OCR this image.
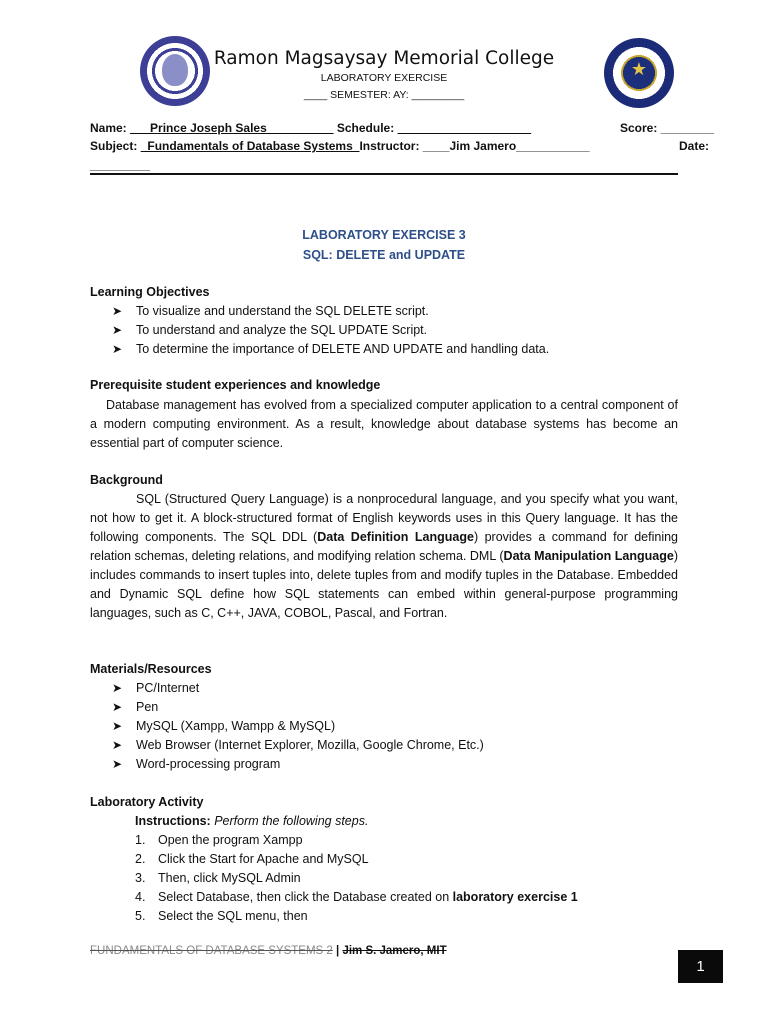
★
Ramon Magsaysay Memorial College
LABORATORY EXERCISE
____ SEMESTER: AY: _________
Name: ___Prince Joseph Sales__________ Schedule: ____________________	Score: ________
Subject: _Fundamentals of Database Systems_Instructor: ____Jim Jamero___________	Date:
_________
LABORATORY EXERCISE 3
SQL: DELETE and UPDATE
Learning Objectives
➤ To visualize and understand the SQL DELETE script.
➤ To understand and analyze the SQL UPDATE Script.
➤ To determine the importance of DELETE AND UPDATE and handling data.
Prerequisite student experiences and knowledge
Database management has evolved from a specialized computer application to a central component of a modern computing environment. As a result, knowledge about database systems has become an essential part of computer science.
Background
SQL (Structured Query Language) is a nonprocedural language, and you specify what you want, not how to get it. A block-structured format of English keywords uses in this Query language. It has the following components. The SQL DDL (Data Definition Language) provides a command for defining relation schemas, deleting relations, and modifying relation schema. DML (Data Manipulation Language) includes commands to insert tuples into, delete tuples from and modify tuples in the Database. Embedded and Dynamic SQL define how SQL statements can embed within general-purpose programming languages, such as C, C++, JAVA, COBOL, Pascal, and Fortran.
Materials/Resources
➤ PC/Internet
➤ Pen
➤ MySQL (Xampp, Wampp & MySQL)
➤ Web Browser (Internet Explorer, Mozilla, Google Chrome, Etc.)
➤ Word-processing program
Laboratory Activity
Instructions: Perform the following steps.
1. Open the program Xampp
2. Click the Start for Apache and MySQL
3. Then, click MySQL Admin
4. Select Database, then click the Database created on laboratory exercise 1
5. Select the SQL menu, then
FUNDAMENTALS OF DATABASE SYSTEMS 2 | Jim S. Jamero, MIT
1
